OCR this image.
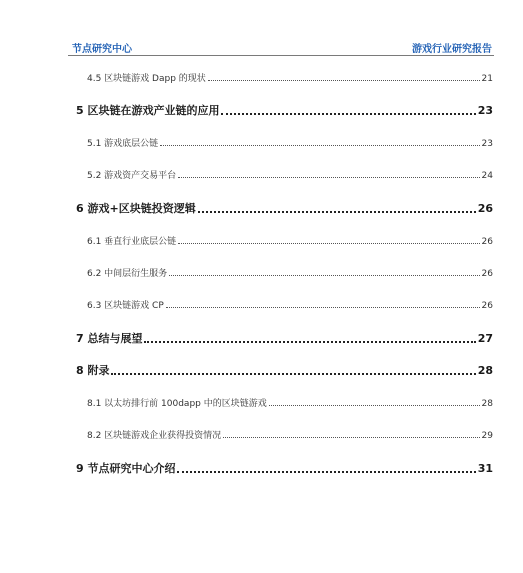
节点研究中心	游戏行业研究报告
4.5 区块链游戏 Dapp 的现状	21
5 区块链在游戏产业链的应用	23
5.1 游戏底层公链	23
5.2 游戏资产交易平台	24
6 游戏+区块链投资逻辑	26
6.1 垂直行业底层公链	26
6.2 中间层衍生服务	26
6.3 区块链游戏 CP	26
7 总结与展望	27
8 附录	28
8.1 以太坊排行前 100dapp 中的区块链游戏	28
8.2 区块链游戏企业获得投资情况	29
9 节点研究中心介绍	31
